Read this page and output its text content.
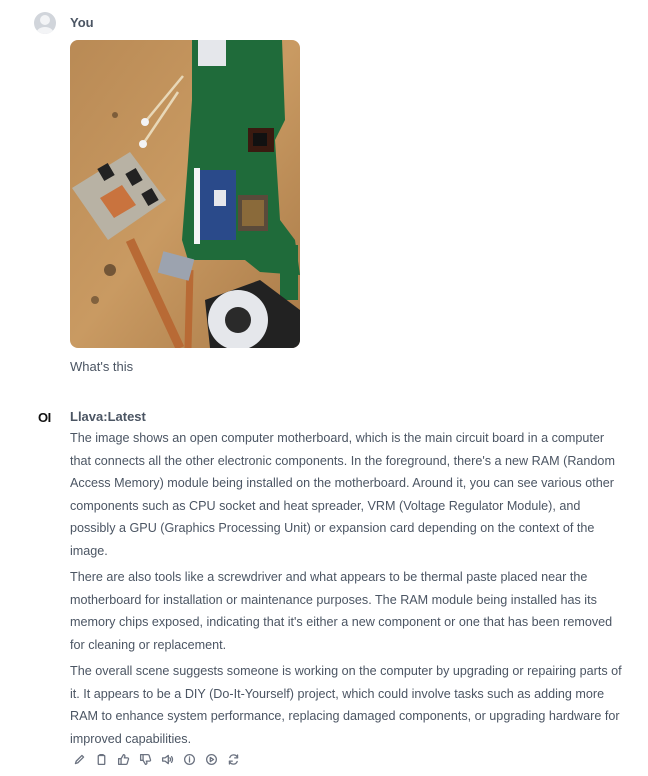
You
What's this
OI Llava:Latest

The image shows an open computer motherboard, which is the main circuit board in a computer that connects all the other electronic components. In the foreground, there's a new RAM (Random Access Memory) module being installed on the motherboard. Around it, you can see various other components such as CPU socket and heat spreader, VRM (Voltage Regulator Module), and possibly a GPU (Graphics Processing Unit) or expansion card depending on the context of the image.

There are also tools like a screwdriver and what appears to be thermal paste placed near the motherboard for installation or maintenance purposes. The RAM module being installed has its memory chips exposed, indicating that it's either a new component or one that has been removed for cleaning or replacement.

The overall scene suggests someone is working on the computer by upgrading or repairing parts of it. It appears to be a DIY (Do-It-Yourself) project, which could involve tasks such as adding more RAM to enhance system performance, replacing damaged components, or upgrading hardware for improved capabilities.
